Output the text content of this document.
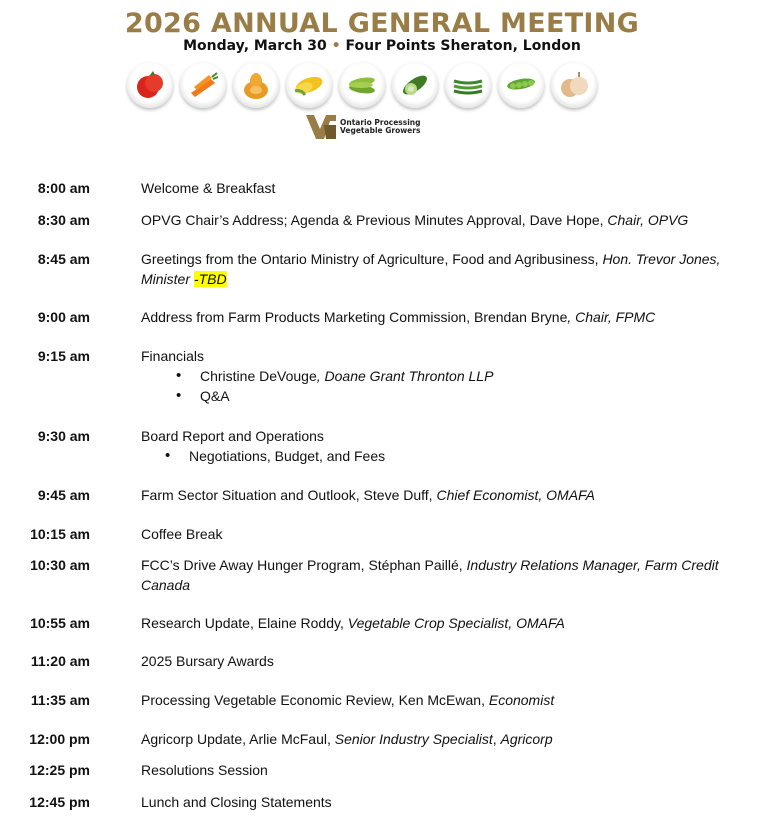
2026 ANNUAL GENERAL MEETING
Monday, March 30 • Four Points Sheraton, London
Ontario Processing
Vegetable Growers
8:00 am	Welcome & Breakfast
8:30 am	OPVG Chair’s Address; Agenda & Previous Minutes Approval, Dave Hope, Chair, OPVG
8:45 am	Greetings from the Ontario Ministry of Agriculture, Food and Agribusiness, Hon. Trevor Jones, Minister -TBD
9:00 am	Address from Farm Products Marketing Commission, Brendan Bryne, Chair, FPMC
9:15 am	Financials
• Christine DeVouge, Doane Grant Thronton LLP
• Q&A
9:30 am	Board Report and Operations
• Negotiations, Budget, and Fees
9:45 am	Farm Sector Situation and Outlook, Steve Duff, Chief Economist, OMAFA
10:15 am	Coffee Break
10:30 am	FCC’s Drive Away Hunger Program, Stéphan Paillé, Industry Relations Manager, Farm Credit Canada
10:55 am	Research Update, Elaine Roddy, Vegetable Crop Specialist, OMAFA
11:20 am	2025 Bursary Awards
11:35 am	Processing Vegetable Economic Review, Ken McEwan, Economist
12:00 pm	Agricorp Update, Arlie McFaul, Senior Industry Specialist, Agricorp
12:25 pm	Resolutions Session
12:45 pm	Lunch and Closing Statements
